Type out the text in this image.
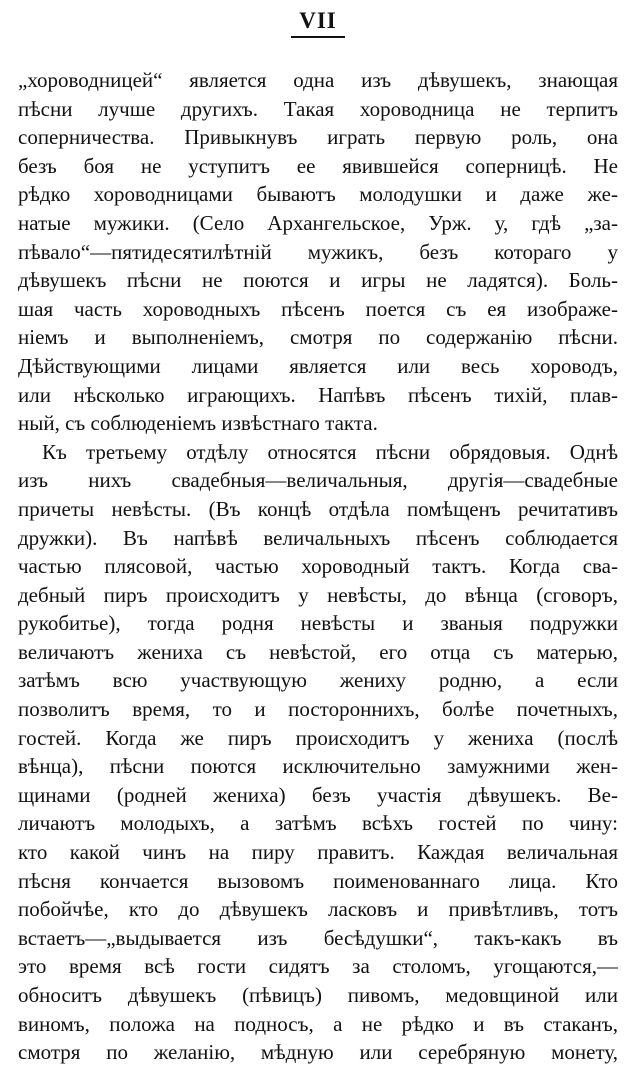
VII
„хороводницей“ является одна изъ дѣвушекъ, знающая
пѣсни лучше другихъ. Такая хороводница не терпитъ
соперничества. Привыкнувъ играть первую роль, она
безъ боя не уступитъ ее явившейся соперницѣ. Не
рѣдко хороводницами бываютъ молодушки и даже же-
натые мужики. (Село Архангельское, Урж. у, гдѣ „за-
пѣвало“—пятидесятилѣтній мужикъ, безъ котораго у
дѣвушекъ пѣсни не поются и игры не ладятся). Боль-
шая часть хороводныхъ пѣсенъ поется съ ея изображе-
ніемъ и выполненіемъ, смотря по содержанію пѣсни.
Дѣйствующими лицами является или весь хороводъ,
или нѣсколько играющихъ. Напѣвъ пѣсенъ тихій, плав-
ный, съ соблюденіемъ извѣстнаго такта.
Къ третьему отдѣлу относятся пѣсни обрядовыя. Однѣ
изъ нихъ свадебныя—величальныя, другія—свадебные
причеты невѣсты. (Въ концѣ отдѣла помѣщенъ речитативъ
дружки). Въ напѣвѣ величальныхъ пѣсенъ соблюдается
частью плясовой, частью хороводный тактъ. Когда сва-
дебный пиръ происходитъ у невѣсты, до вѣнца (сговоръ,
рукобитье), тогда родня невѣсты и званыя подружки
величаютъ жениха съ невѣстой, его отца съ матерью,
затѣмъ всю участвующую жениху родню, а если
позволитъ время, то и постороннихъ, болѣе почетныхъ,
гостей. Когда же пиръ происходитъ у жениха (послѣ
вѣнца), пѣсни поются исключительно замужними жен-
щинами (родней жениха) безъ участія дѣвушекъ. Ве-
личаютъ молодыхъ, а затѣмъ всѣхъ гостей по чину:
кто какой чинъ на пиру правитъ. Каждая величальная
пѣсня кончается вызовомъ поименованнаго лица. Кто
побойчѣе, кто до дѣвушекъ ласковъ и привѣтливъ, тотъ
встаетъ—„выдывается изъ бесѣдушки“, такъ-какъ въ
это время всѣ гости сидятъ за столомъ, угощаются,—
обноситъ дѣвушекъ (пѣвицъ) пивомъ, медовщиной или
виномъ, положа на подносъ, а не рѣдко и въ стаканъ,
смотря по желанію, мѣдную или серебряную монету,
